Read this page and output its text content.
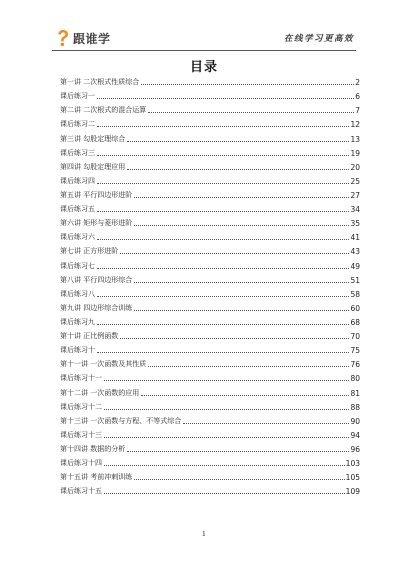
跟谁学	在线学习更高效
目录
第一讲 二次根式性质综合	2
课后练习一	6
第二讲 二次根式的混合运算	7
课后练习二	12
第三讲 勾股定理综合	13
课后练习三	19
第四讲 勾股定理应用	20
课后练习四	25
第五讲 平行四边形进阶	27
课后练习五	34
第六讲 矩形与菱形进阶	35
课后练习六	41
第七讲 正方形进阶	43
课后练习七	49
第八讲 平行四边形综合	51
课后练习八	58
第九讲 四边形综合训练	60
课后练习九	68
第十讲 正比例函数	70
课后练习十	75
第十一讲 一次函数及其性质	76
课后练习十一	80
第十二讲 一次函数的应用	81
课后练习十二	88
第十三讲 一次函数与方程、不等式综合	90
课后练习十三	94
第十四讲 数据的分析	96
课后练习十四	103
第十五讲 考前冲刺训练	105
课后练习十五	109
1
